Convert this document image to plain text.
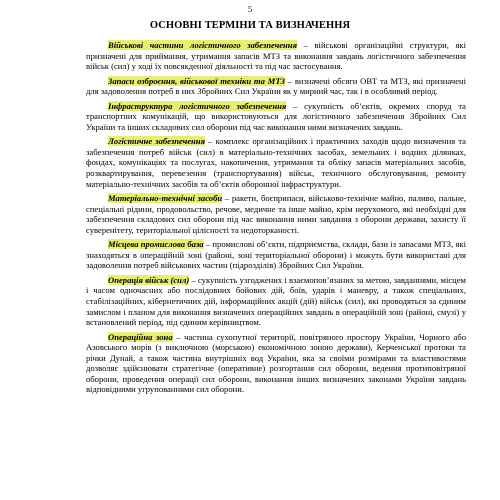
5
ОСНОВНІ ТЕРМІНИ ТА ВИЗНАЧЕННЯ

Військові частини логістичного забезпечення – військові організаційні структури, які призначені для приймання, утримання запасів МТЗ та виконання завдань логістичного забезпечення військ (сил) у ході їх повсякденної діяльності та під час застосування.

Запаси озброєння, військової техніки та МТЗ – визначені обсяги ОВТ та МТЗ, які призначені для задоволення потреб в них Збройних Сил України як у мирний час, так і в особливий період.

Інфраструктура логістичного забезпечення – сукупність об’єктів, окремих споруд та транспортних комунікацій, що використовуються для логістичного забезпечення Збройних Сил України та інших складових сил оборони під час виконання ними визначених завдань.

Логістичне забезпечення – комплекс організаційних і практичних заходів щодо визначення та забезпечення потреб військ (сил) в матеріально-технічних засобах, земельних і водних ділянках, фондах, комунікаціях та послугах, накопичення, утримання та обліку запасів матеріальних засобів, розквартирування, перевезення (транспортування) військ, технічного обслуговування, ремонту матеріально-технічних засобів та об’єктів оборонної інфраструктури.

Матеріально-технічні засоби – ракети, боєприпаси, військово-технічне майно, паливо, пальне, спеціальні рідини, продовольство, речове, медичне та інше майно, крім нерухомого, які необхідні для забезпечення складових сил оборони під час виконання ними завдання з оборони держави, захисту її суверенітету, територіальної цілісності та недоторканості.

Місцева промислова база – промислові об’єкти, підприємства, склади, бази із запасами МТЗ, які знаходяться в операційній зоні (районі, зоні територіальної оборони) і можуть бути використані для задоволення потреб військових частин (підрозділів) Збройних Сил України.

Операція військ (сил) – сукупність узгоджених і взаємопов’язаних за метою, завданнями, місцем і часом одночасних або послідовних бойових дій, боїв, ударів і маневру, а також спеціальних, стабілізаційних, кібернетичних дій, інформаційних акцій (дій) військ (сил), які проводяться за єдиним замислом і планом для виконання визначених операційних завдань в операційній зоні (районі, смузі) у встановлений період, під єдиним керівництвом.

Операційна зона – частина сухопутної території, повітряного простору України, Чорного або Азовського морів (з виключною (морською) економічною зоною держави), Керченської протоки та річки Дунай, а також частина внутрішніх вод України, яка за своїми розмірами та властивостями дозволяє здійснювати стратегічне (оперативне) розгортання сил оборони, ведення протиповітряної оборони, проведення операції сил оборони, виконання інших визначених законами України завдань відповідними угрупованнями сил оборони.
